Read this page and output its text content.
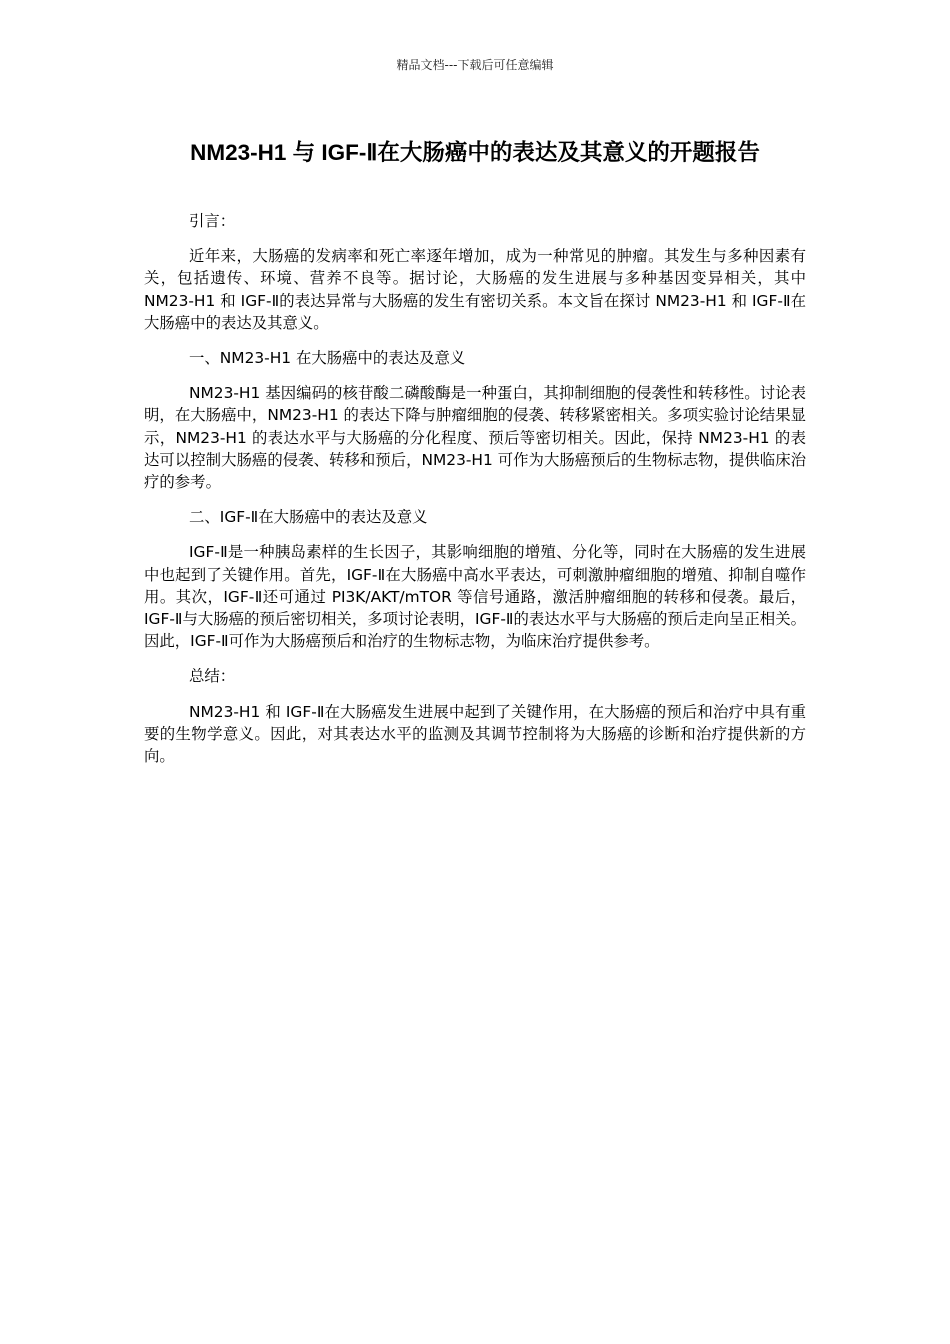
精品文档---下载后可任意编辑
NM23-H1 与 IGF-Ⅱ在大肠癌中的表达及其意义的开题报告

引言：

近年来，大肠癌的发病率和死亡率逐年增加，成为一种常见的肿瘤。其发生与多种因素有关，包括遗传、环境、营养不良等。据讨论，大肠癌的发生进展与多种基因变异相关，其中 NM23-H1 和 IGF-Ⅱ的表达异常与大肠癌的发生有密切关系。本文旨在探讨 NM23-H1 和 IGF-Ⅱ在大肠癌中的表达及其意义。

一、NM23-H1 在大肠癌中的表达及意义

NM23-H1 基因编码的核苷酸二磷酸酶是一种蛋白，其抑制细胞的侵袭性和转移性。讨论表明，在大肠癌中，NM23-H1 的表达下降与肿瘤细胞的侵袭、转移紧密相关。多项实验讨论结果显示，NM23-H1 的表达水平与大肠癌的分化程度、预后等密切相关。因此，保持 NM23-H1 的表达可以控制大肠癌的侵袭、转移和预后，NM23-H1 可作为大肠癌预后的生物标志物，提供临床治疗的参考。

二、IGF-Ⅱ在大肠癌中的表达及意义

IGF-Ⅱ是一种胰岛素样的生长因子，其影响细胞的增殖、分化等，同时在大肠癌的发生进展中也起到了关键作用。首先，IGF-Ⅱ在大肠癌中高水平表达，可刺激肿瘤细胞的增殖、抑制自噬作用。其次，IGF-Ⅱ还可通过 PI3K/AKT/mTOR 等信号通路，激活肿瘤细胞的转移和侵袭。最后，IGF-Ⅱ与大肠癌的预后密切相关，多项讨论表明，IGF-Ⅱ的表达水平与大肠癌的预后走向呈正相关。因此，IGF-Ⅱ可作为大肠癌预后和治疗的生物标志物，为临床治疗提供参考。

总结：

NM23-H1 和 IGF-Ⅱ在大肠癌发生进展中起到了关键作用，在大肠癌的预后和治疗中具有重要的生物学意义。因此，对其表达水平的监测及其调节控制将为大肠癌的诊断和治疗提供新的方向。
